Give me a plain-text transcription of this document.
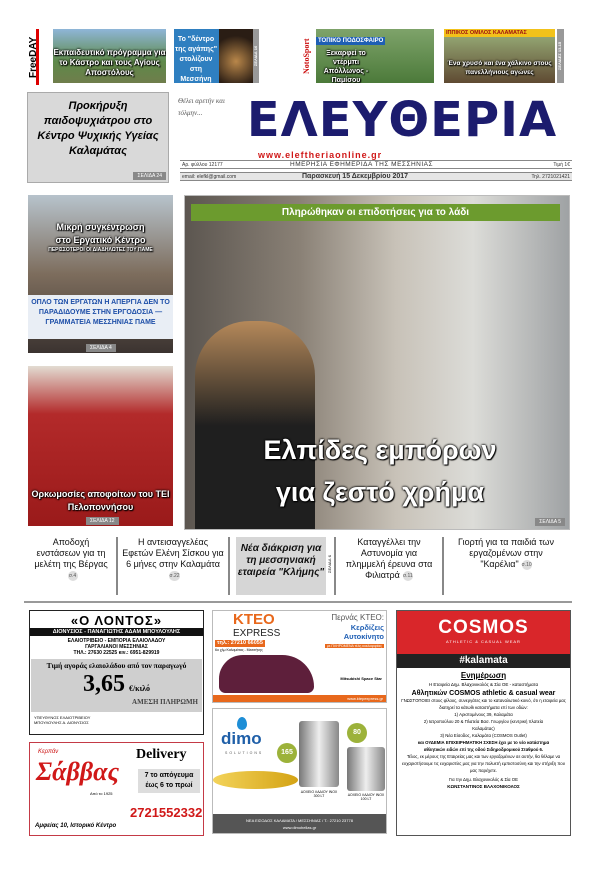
FreeDAY Εκπαιδευτικό πρόγραμμα για το Κάστρο και τους Αγίους Αποστόλους
Το "δέντρο της αγάπης" στολίζουν στη Μεσσήνη
ΣΕΛΙΔΑ 10	NotoSport	ΤΟΠΙΚΟ ΠΟΔΟΣΦΑΙΡΟ
Ξεκαρφεί το ντέρμπι Απόλλωνος - Παμίσου
ΙΠΠΙΚΟΣ ΟΜΙΛΟΣ ΚΑΛΑΜΑΤΑΣ
Ένα χρυσό και ένα χάλκινο στους πανελλήνιους αγώνες
ΣΕΛΙΔΕΣ 13-15
Προκήρυξη παιδοψυχιάτρου στο Κέντρο Ψυχικής Υγείας Καλαμάτας
ΣΕΛΙΔΑ 24
Θέλει αρετήν και τόλμην... ΕΛΕΥΘΕΡΙΑ
www.eleftheriaonline.gr
Αρ. φύλλου 12177	ΗΜΕΡΗΣΙΑ ΕΦΗΜΕΡΙΔΑ ΤΗΣ ΜΕΣΣΗΝΙΑΣ	Τιμή 1€
email: elefkl@gmail.com	Παρασκευή 15 Δεκεμβρίου 2017	Τηλ. 2721021421
Μικρή συγκέντρωση στο Εργατικό Κέντρο
ΠΕΡΙΣΣΟΤΕΡΟΙ ΟΙ ΔΙΑΔΗΛΩΤΕΣ ΤΟΥ ΠΑΜΕ
ΟΠΛΟ ΤΩΝ ΕΡΓΑΤΩΝ Η ΑΠΕΡΓΙΑ ΔΕΝ ΤΟ ΠΑΡΑΔΙΔΟΥΜΕ ΣΤΗΝ ΕΡΓΟΔΟΣΙΑ — ΓΡΑΜΜΑΤΕΙΑ ΜΕΣΣΗΝΙΑΣ ΠΑΜΕ
ΣΕΛΙΔΑ 4
Ορκωμοσίες αποφοίτων του ΤΕΙ Πελοποννήσου
ΣΕΛΙΔΑ 12
Πληρώθηκαν οι επιδοτήσεις για το λάδι
Ελπίδες εμπόρων
για ζεστό χρήμα
ΣΕΛΙΔΑ 5
Αποδοχή ενστάσεων για τη μελέτη της Βέργαςσ.4
Η αντεισαγγελέας Εφετών Ελένη Σίσκου για 6 μήνες στην Καλαμάτασ.22
Νέα διάκριση για τη μεσσηνιακή εταιρεία "Κλήμης" ΣΕΛΙΔΑ 6
Καταγγέλλει την Αστυνομία για πλημμελή έρευνα στα Φιλιατρά σ.11
Γιορτή για τα παιδιά των εργαζομένων στην "Καρέλια" σ.10
«Ο ΛΟΝΤΟΣ»
ΔΙΟΝΥΣΙΟΣ - ΠΑΝΑΓΙΩΤΗΣ ΑΔΑΜ ΜΠΟΥΛΟΥΛΗΣ
ΕΛΑΙΟΤΡΙΒΕΙΟ - ΕΜΠΟΡΙΑ ΕΛΑΙΟΛΑΔΟΥ
ΓΑΡΓΑΛΙΑΝΟΙ ΜΕΣΣΗΝΙΑΣ
ΤΗΛ.: 27630 22525 κιν.: 6951-829919
Τιμή αγοράς ελαιολάδου από τον παραγωγό
3,65 €/κιλό
ΑΜΕΣΗ ΠΛΗΡΩΜΗ
ΥΠΕΥΘΥΝΟΣ ΕΛΑΙΟΤΡΙΒΕΙΟΥ ΜΠΟΥΛΟΥΛΗΣ Α. ΔΙΟΝΥΣΙΟΣ
Κερπάν
Σάββας
Από το 1925
Delivery
7 το απόγευμα έως 6 το πρωί
2721552332
Αμφείας 10, Ιστορικό Κέντρο
ΚΤΕΟ
EXPRESS
τηλ.: 27210 66055
6ο χλμ Καλαμάτας - Μεσσήνης
Περνάς ΚΤΕΟ:
Κερδίζεις Αυτοκίνητο
με ΠΛΗΡΩΜΕΝΑ τέλη κυκλοφορίας
Mitsubishi Space Star
www.ktepexpress.gr
dimo
SOLUTIONS	165
80
ΔΟΧΕΙΟ ΛΑΔΙΟΥ INOX 300 LT	ΔΟΧΕΙΟ ΛΑΔΙΟΥ INOX 100 LT
ΝΕΑ ΕΙΣΟΔΟΣ ΚΑΛΑΜΑΤΑ / ΜΕΣΣΗΝΙΑΣ / Τ.: 27210 23778
www.dimohellas.gr
COSMOS
ATHLETIC & CASUAL WEAR
#kalamata
Ενημέρωση
Η Εταιρεία Δημ. Βλαχονικολός & Σία ΟΕ - καταστήματα
Αθλητικών COSMOS athletic & casual wear
ΓΝΩΣΤΟΠΟΙΕΙ στους φίλους, συνεργάτες και το καταναλωτικό κοινό, ότι η εταιρεία μας διατηρεί τα κάτωθι καταστήματα επί των οδών:
1) Αριστομένους 39, Καλαμάτα
2) Ιατροπούλου 20 & Πλατεία Βασ. Γεωργίου (κεντρική πλατεία Καλαμάτας)
3) Νέα Είσοδος, Καλαμάτα (COSMOS Outlet)
και ΟΥΔΕΜΙΑ ΕΠΙΧΕΙΡΗΜΑΤΙΚΗ ΣΧΕΣΗ έχει με το νέο κατάστημα αθλητικών ειδών επί της οδού Σιδηροδρομικού Σταθμού 6.
Τέλος, εκ μέρους της Εταιρείας μας και των εργαζομένων σε αυτήν, θα θέλαμε να ευχαριστήσουμε τις ευχαριστίες μας για την πολυετή εμπιστοσύνη και την στήριξη που μας παρέχετε.
Για την Δημ. Βλαχονικολός & Σία ΟΕ
ΚΩΝΣΤΑΝΤΙΝΟΣ ΒΛΑΧΟΝΙΚΟΛΟΣ
